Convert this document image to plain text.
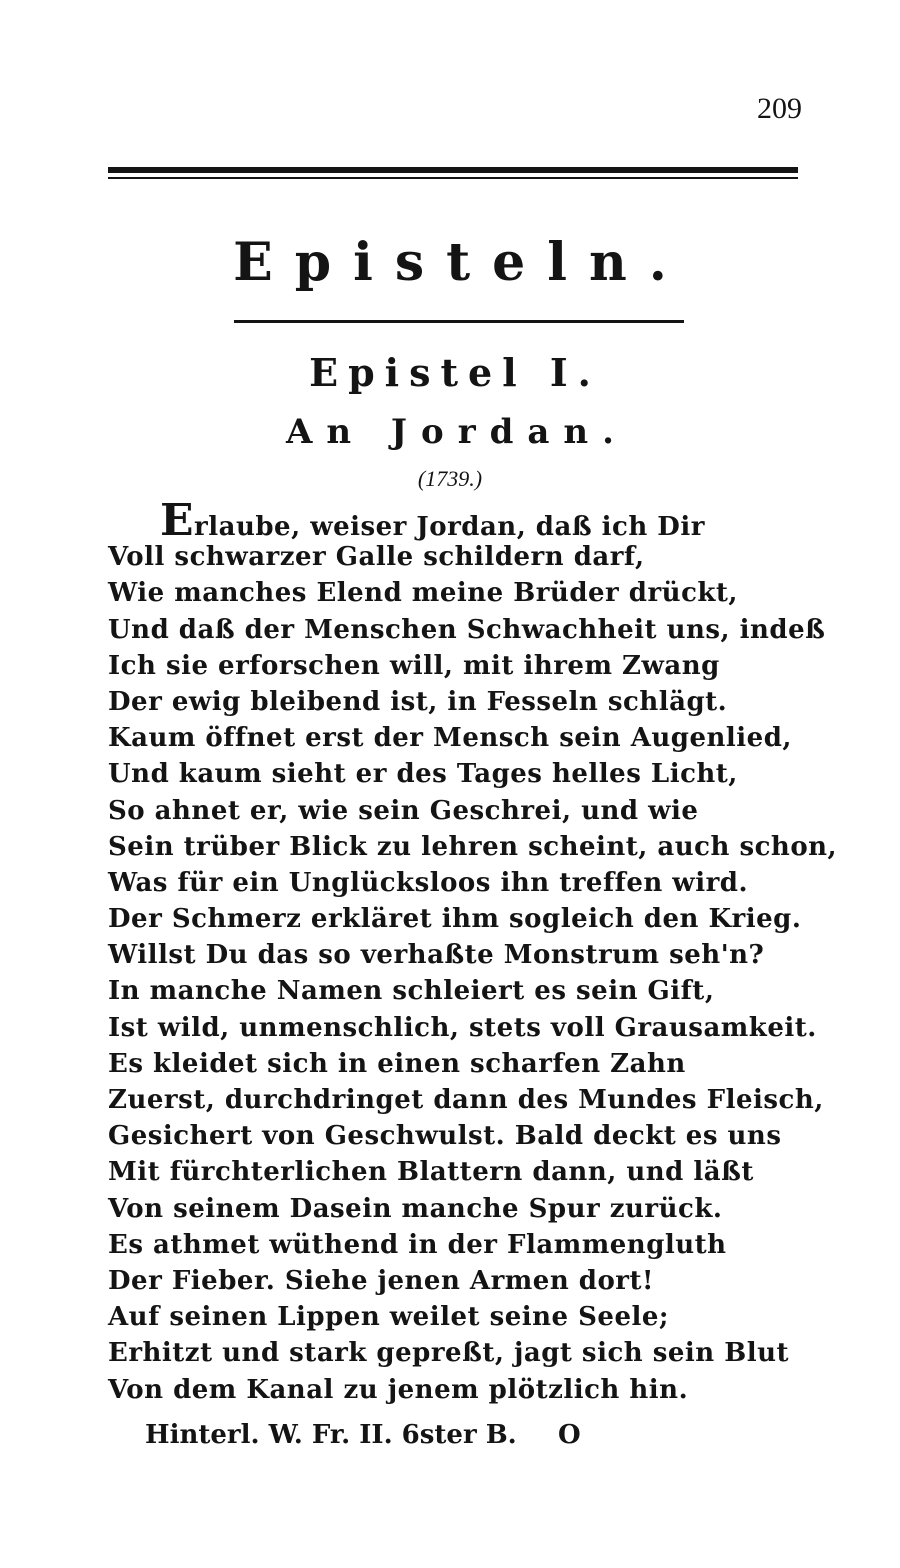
209
Episteln.
Epistel I.
An Jordan.
(1739.)
Erlaube, weiser Jordan, daß ich Dir
Voll schwarzer Galle schildern darf,
Wie manches Elend meine Brüder drückt,
Und daß der Menschen Schwachheit uns, indeß
Ich sie erforschen will, mit ihrem Zwang
Der ewig bleibend ist, in Fesseln schlägt.
Kaum öffnet erst der Mensch sein Augenlied,
Und kaum sieht er des Tages helles Licht,
So ahnet er, wie sein Geschrei, und wie
Sein trüber Blick zu lehren scheint, auch schon,
Was für ein Unglücksloos ihn treffen wird.
Der Schmerz erkläret ihm sogleich den Krieg.
Willst Du das so verhaßte Monstrum seh'n?
In manche Namen schleiert es sein Gift,
Ist wild, unmenschlich, stets voll Grausamkeit.
Es kleidet sich in einen scharfen Zahn
Zuerst, durchdringet dann des Mundes Fleisch,
Gesichert von Geschwulst. Bald deckt es uns
Mit fürchterlichen Blattern dann, und läßt
Von seinem Dasein manche Spur zurück.
Es athmet wüthend in der Flammengluth
Der Fieber. Siehe jenen Armen dort!
Auf seinen Lippen weilet seine Seele;
Erhitzt und stark gepreßt, jagt sich sein Blut
Von dem Kanal zu jenem plötzlich hin.
Hinterl. W. Fr. II. 6ster B. O
